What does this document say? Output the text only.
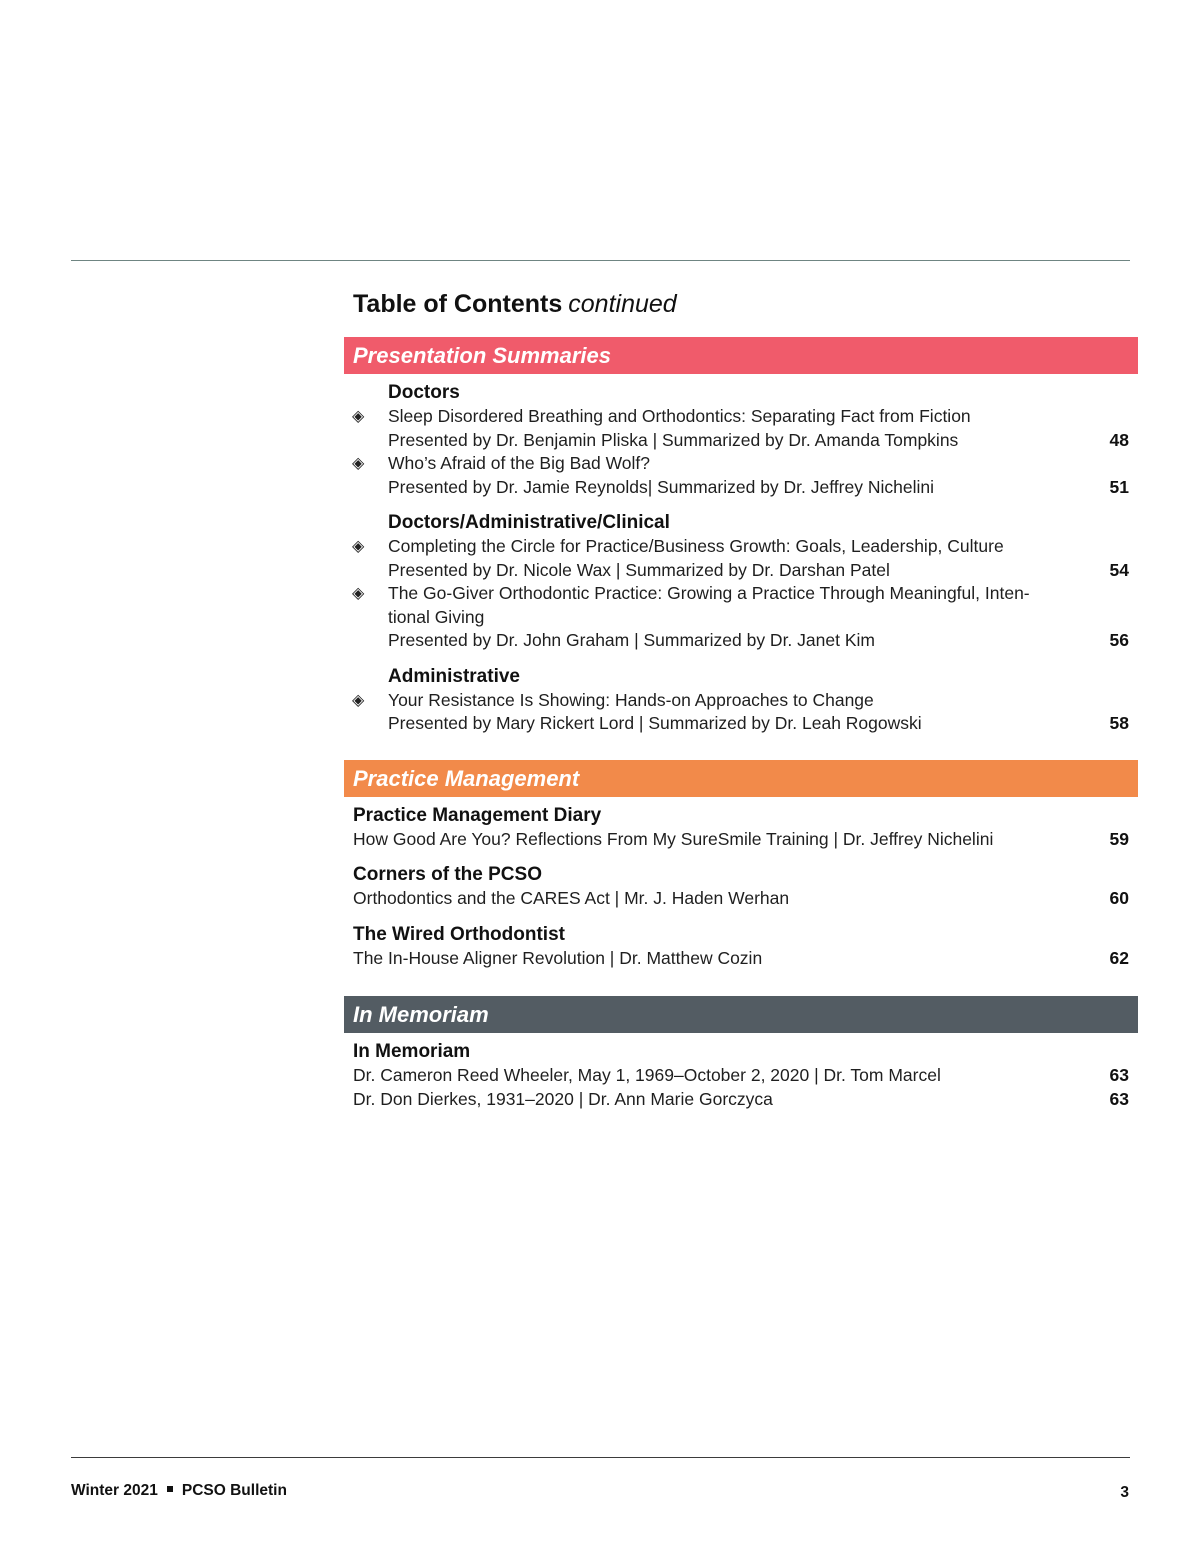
Table of Contents continued
Presentation Summaries
Doctors
◈ Sleep Disordered Breathing and Orthodontics: Separating Fact from Fiction
Presented by Dr. Benjamin Pliska | Summarized by Dr. Amanda Tompkins	48
◈ Who’s Afraid of the Big Bad Wolf?
Presented by Dr. Jamie Reynolds| Summarized by Dr. Jeffrey Nichelini	51
Doctors/Administrative/Clinical
◈ Completing the Circle for Practice/Business Growth: Goals, Leadership, Culture
Presented by Dr. Nicole Wax | Summarized by Dr. Darshan Patel	54
◈ The Go-Giver Orthodontic Practice: Growing a Practice Through Meaningful, Inten-
tional Giving
Presented by Dr. John Graham | Summarized by Dr. Janet Kim	56
Administrative
◈ Your Resistance Is Showing: Hands-on Approaches to Change
Presented by Mary Rickert Lord | Summarized by Dr. Leah Rogowski	58
Practice Management
Practice Management Diary
How Good Are You? Reflections From My SureSmile Training | Dr. Jeffrey Nichelini	59
Corners of the PCSO
Orthodontics and the CARES Act | Mr. J. Haden Werhan	60
The Wired Orthodontist
The In-House Aligner Revolution | Dr. Matthew Cozin	62
In Memoriam
In Memoriam
Dr. Cameron Reed Wheeler, May 1, 1969–October 2, 2020 | Dr. Tom Marcel	63
Dr. Don Dierkes, 1931–2020 | Dr. Ann Marie Gorczyca	63
Winter 2021 PCSO Bulletin	3
